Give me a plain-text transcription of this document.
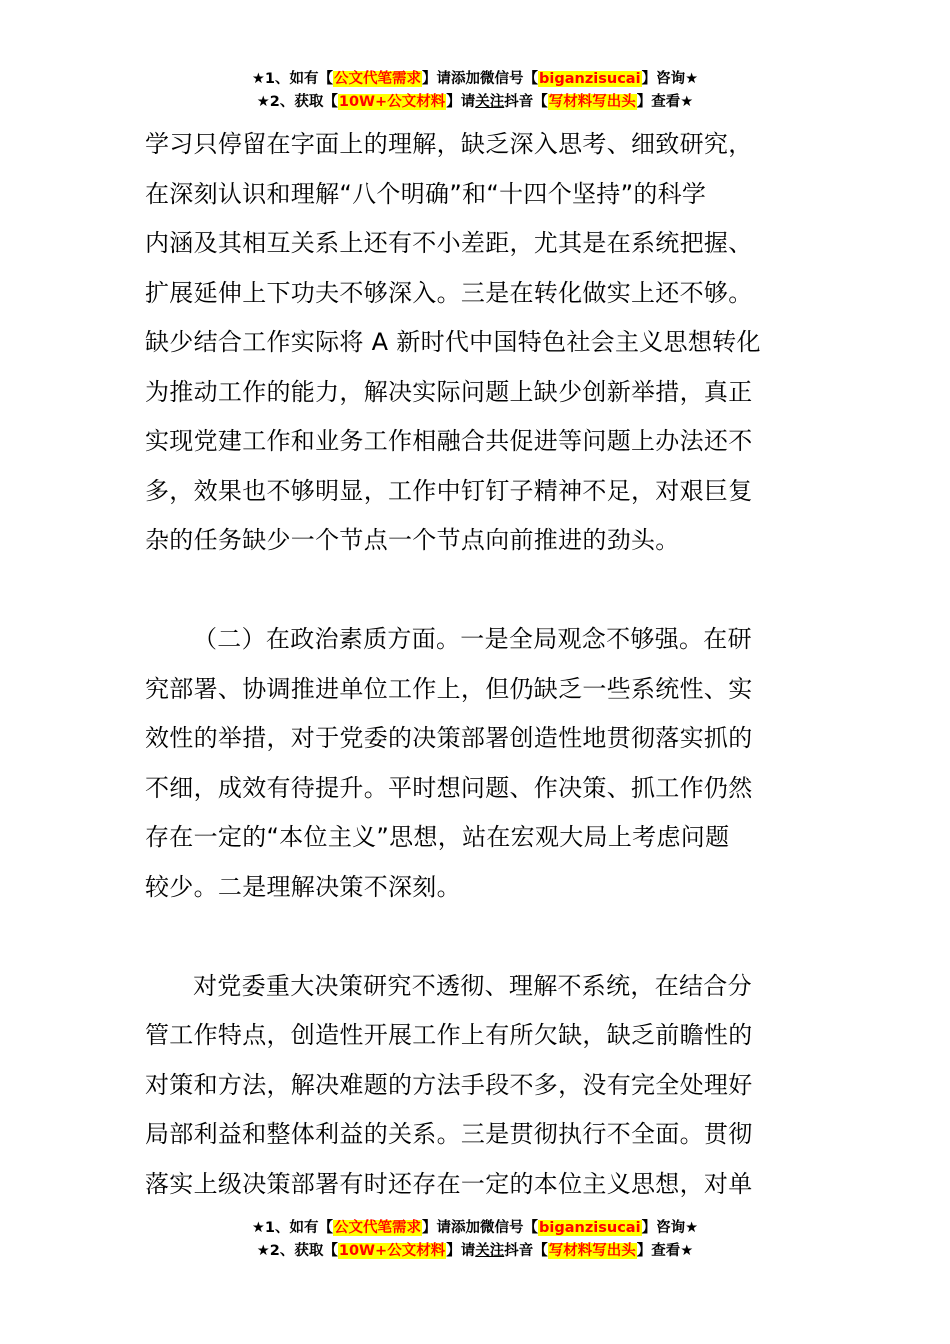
★1、如有【公文代笔需求】请添加微信号【biganzisucai】咨询★
★2、获取【10W+公文材料】请关注抖音【写材料写出头】查看★

学习只停留在字面上的理解，缺乏深入思考、细致研究，
在深刻认识和理解“八个明确”和“十四个坚持”的科学
内涵及其相互关系上还有不小差距，尤其是在系统把握、
扩展延伸上下功夫不够深入。三是在转化做实上还不够。
缺少结合工作实际将 A 新时代中国特色社会主义思想转化
为推动工作的能力，解决实际问题上缺少创新举措，真正
实现党建工作和业务工作相融合共促进等问题上办法还不
多，效果也不够明显，工作中钉钉子精神不足，对艰巨复
杂的任务缺少一个节点一个节点向前推进的劲头。

（二）在政治素质方面。一是全局观念不够强。在研
究部署、协调推进单位工作上，但仍缺乏一些系统性、实
效性的举措，对于党委的决策部署创造性地贯彻落实抓的
不细，成效有待提升。平时想问题、作决策、抓工作仍然
存在一定的“本位主义”思想，站在宏观大局上考虑问题
较少。二是理解决策不深刻。

对党委重大决策研究不透彻、理解不系统，在结合分
管工作特点，创造性开展工作上有所欠缺，缺乏前瞻性的
对策和方法，解决难题的方法手段不多，没有完全处理好
局部利益和整体利益的关系。三是贯彻执行不全面。贯彻
落实上级决策部署有时还存在一定的本位主义思想，对单

★1、如有【公文代笔需求】请添加微信号【biganzisucai】咨询★
★2、获取【10W+公文材料】请关注抖音【写材料写出头】查看★
